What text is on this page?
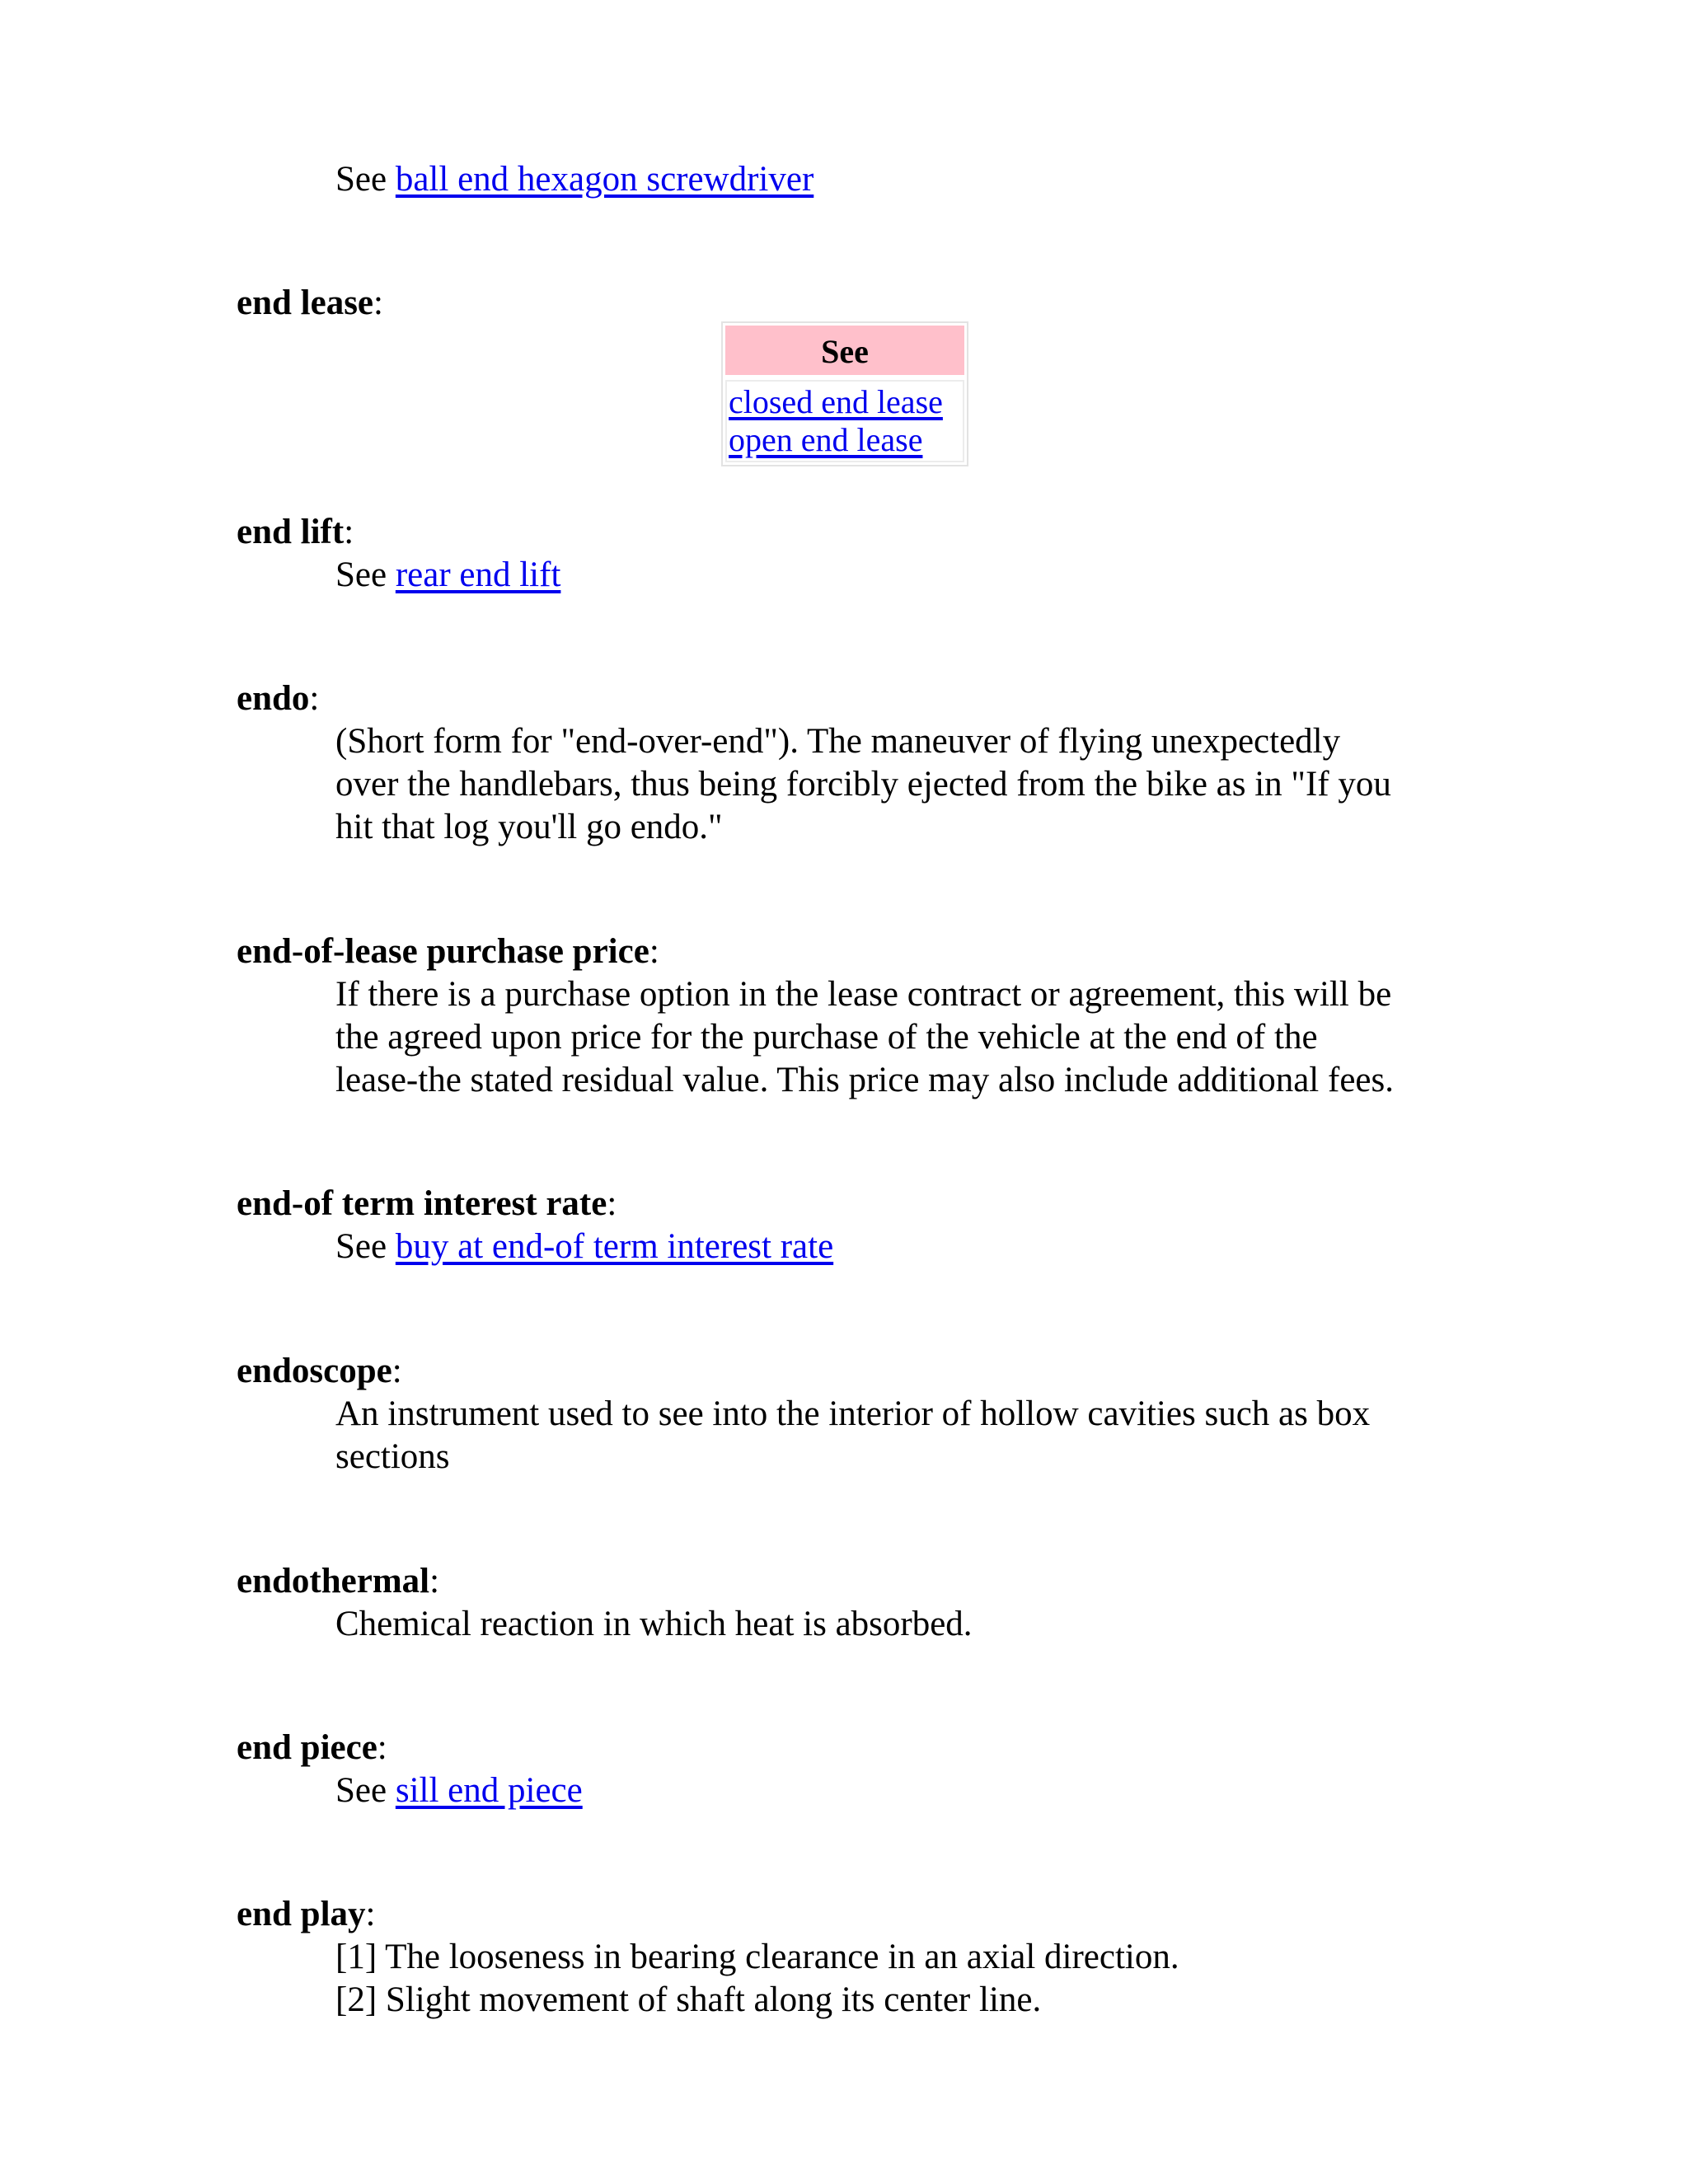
See ball end hexagon screwdriver
end lease:
See
closed end lease
open end lease
end lift:
See rear end lift
endo:
(Short form for "end-over-end"). The maneuver of flying unexpectedly
over the handlebars, thus being forcibly ejected from the bike as in "If you
hit that log you'll go endo."
end-of-lease purchase price:
If there is a purchase option in the lease contract or agreement, this will be
the agreed upon price for the purchase of the vehicle at the end of the
lease-the stated residual value. This price may also include additional fees.
end-of term interest rate:
See buy at end-of term interest rate
endoscope:
An instrument used to see into the interior of hollow cavities such as box
sections
endothermal:
Chemical reaction in which heat is absorbed.
end piece:
See sill end piece
end play:
[1] The looseness in bearing clearance in an axial direction.
[2] Slight movement of shaft along its center line.
